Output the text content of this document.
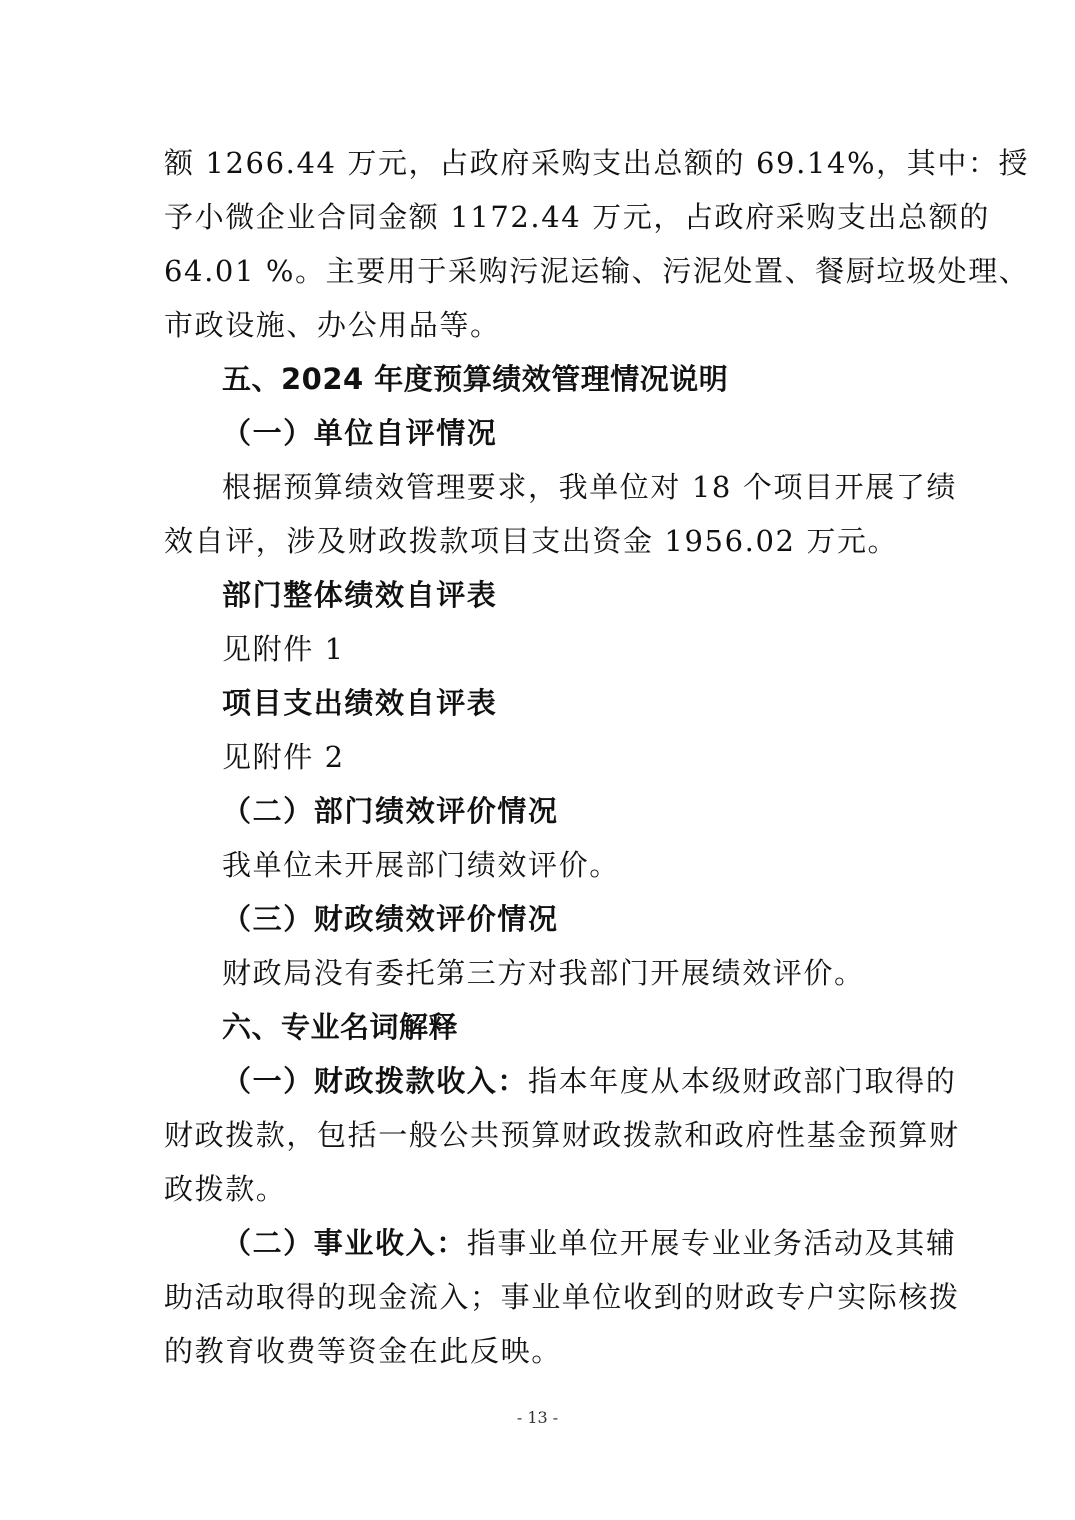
额 1266.44 万元，占政府采购支出总额的 69.14%，其中：授
予小微企业合同金额 1172.44 万元，占政府采购支出总额的
64.01 %。主要用于采购污泥运输、污泥处置、餐厨垃圾处理、
市政设施、办公用品等。
五、2024 年度预算绩效管理情况说明
（一）单位自评情况
根据预算绩效管理要求，我单位对 18 个项目开展了绩
效自评，涉及财政拨款项目支出资金 1956.02 万元。
部门整体绩效自评表
见附件 1
项目支出绩效自评表
见附件 2
（二）部门绩效评价情况
我单位未开展部门绩效评价。
（三）财政绩效评价情况
财政局没有委托第三方对我部门开展绩效评价。
六、专业名词解释
（一）财政拨款收入：指本年度从本级财政部门取得的
财政拨款，包括一般公共预算财政拨款和政府性基金预算财
政拨款。
（二）事业收入：指事业单位开展专业业务活动及其辅
助活动取得的现金流入；事业单位收到的财政专户实际核拨
的教育收费等资金在此反映。
- 13 -
